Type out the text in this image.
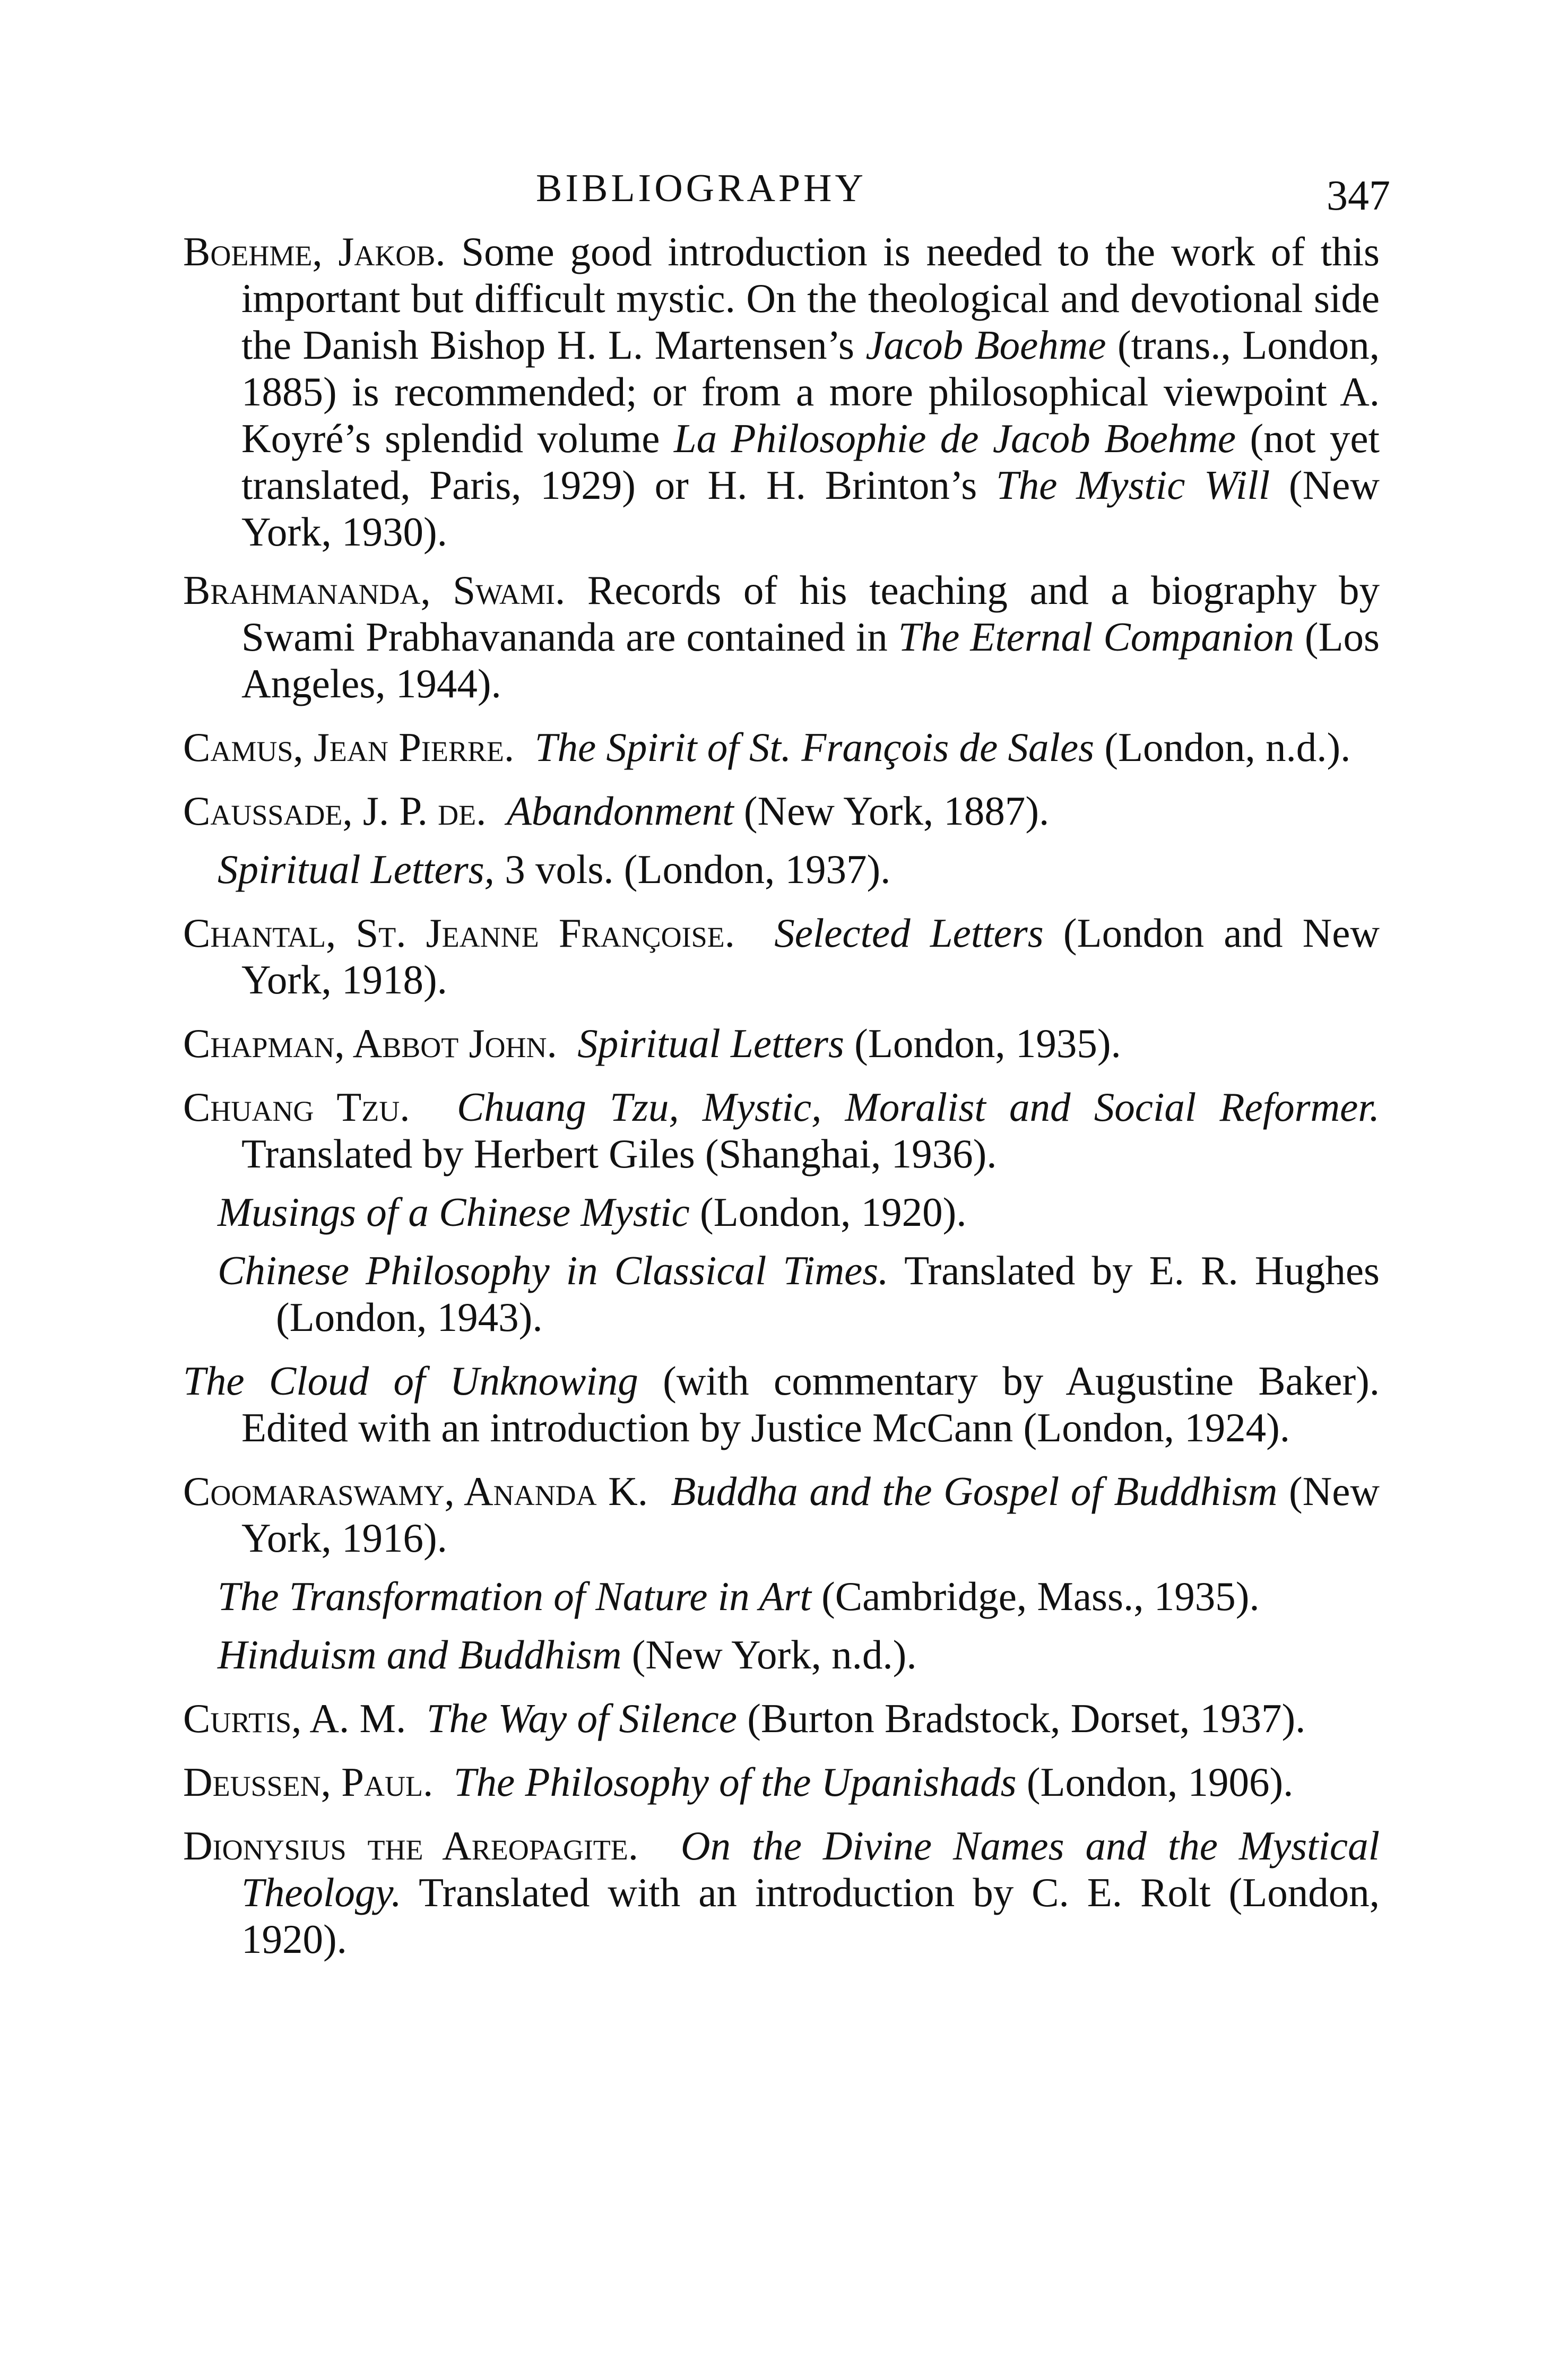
BIBLIOGRAPHY	347

Boehme, Jakob. Some good introduction is needed to the work of this important but difficult mystic. On the theological and devotional side the Danish Bishop H. L. Martensen’s Jacob Boehme (trans., London, 1885) is recommended; or from a more philosophical viewpoint A. Koyré’s splendid volume La Philosophie de Jacob Boehme (not yet translated, Paris, 1929) or H. H. Brinton’s The Mystic Will (New York, 1930).

Brahmananda, Swami. Records of his teaching and a biography by Swami Prabhavananda are contained in The Eternal Companion (Los Angeles, 1944).

Camus, Jean Pierre. The Spirit of St. François de Sales (London, n.d.).

Caussade, J. P. de. Abandonment (New York, 1887).

Spiritual Letters, 3 vols. (London, 1937).

Chantal, St. Jeanne Françoise. Selected Letters (London and New York, 1918).

Chapman, Abbot John. Spiritual Letters (London, 1935).

Chuang Tzu. Chuang Tzu, Mystic, Moralist and Social Reformer. Translated by Herbert Giles (Shanghai, 1936).

Musings of a Chinese Mystic (London, 1920).

Chinese Philosophy in Classical Times. Translated by E. R. Hughes (London, 1943).

The Cloud of Unknowing (with commentary by Augustine Baker). Edited with an introduction by Justice McCann (London, 1924).

Coomaraswamy, Ananda K. Buddha and the Gospel of Buddhism (New York, 1916).

The Transformation of Nature in Art (Cambridge, Mass., 1935).

Hinduism and Buddhism (New York, n.d.).

Curtis, A. M. The Way of Silence (Burton Bradstock, Dorset, 1937).

Deussen, Paul. The Philosophy of the Upanishads (London, 1906).

Dionysius the Areopagite. On the Divine Names and the Mystical Theology. Translated with an introduction by C. E. Rolt (London, 1920).
